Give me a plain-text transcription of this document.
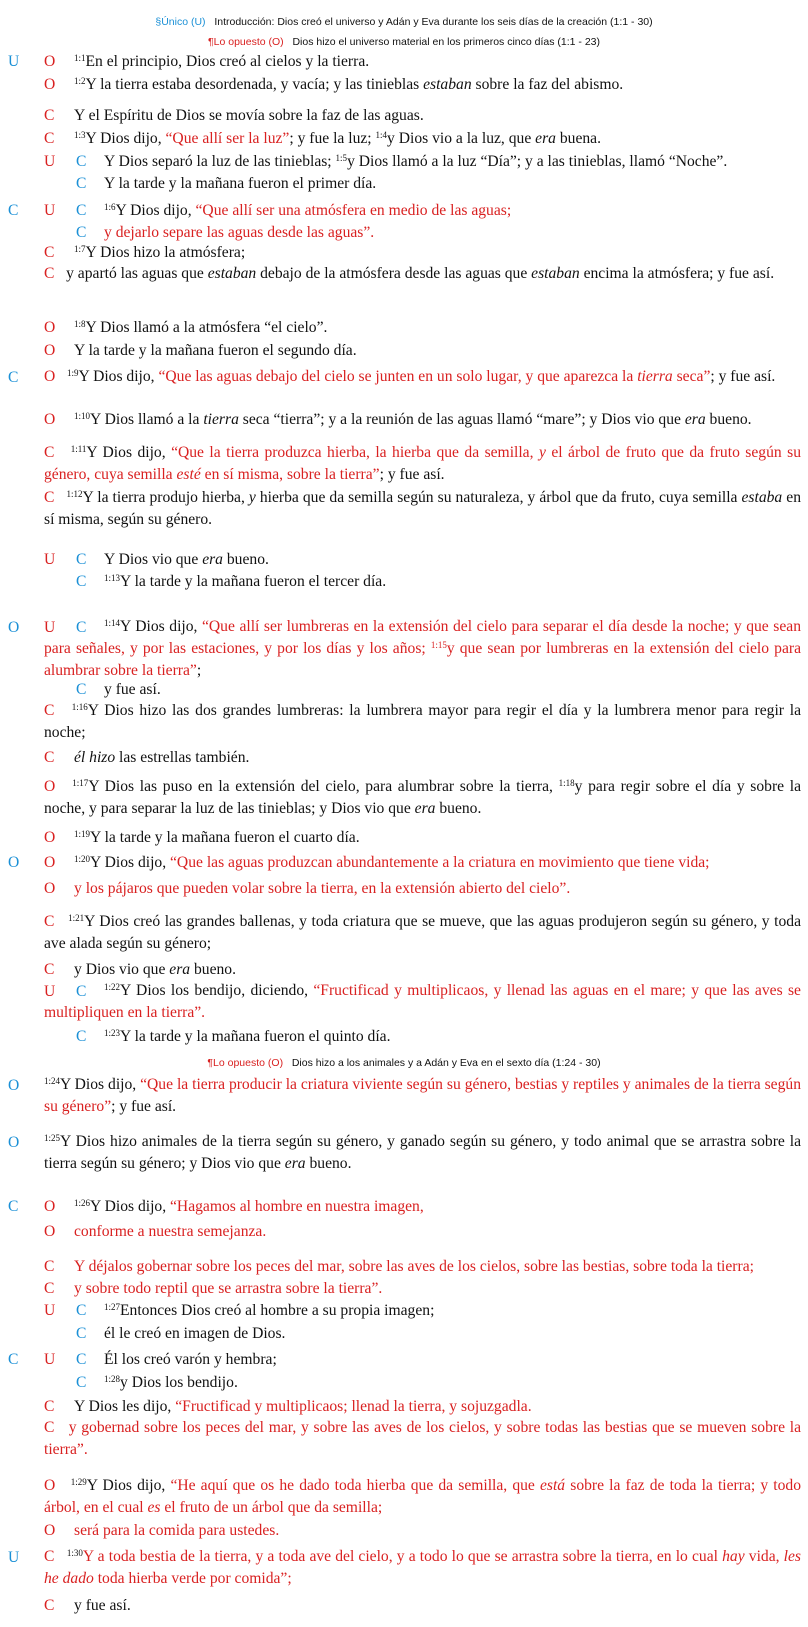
§Único (U) Introducción: Dios creó el universo y Adán y Eva durante los seis días de la creación (1:1 - 30)
¶Lo opuesto (O) Dios hizo el universo material en los primeros cinco días (1:1 - 23)
U O $^{1:1}$En el principio, Dios creó al cielos y la tierra.
O $^{1:2}$Y la tierra estaba desordenada, y vacía; y las tinieblas estaban sobre la faz del abismo.
C Y el Espíritu de Dios se movía sobre la faz de las aguas.
C $^{1:3}$Y Dios dijo, “Que allí ser la luz”; y fue la luz; $^{1:4}$y Dios vio a la luz, que era buena.
U C Y Dios separó la luz de las tinieblas; $^{1:5}$y Dios llamó a la luz “Día”; y a las tinieblas, llamó “Noche”.
C Y la tarde y la mañana fueron el primer día.
C U C $^{1:6}$Y Dios dijo, “Que allí ser una atmósfera en medio de las aguas;
C y dejarlo separe las aguas desde las aguas”.
C $^{1:7}$Y Dios hizo la atmósfera;
C y apartó las aguas que estaban debajo de la atmósfera desde las aguas que estaban encima la atmósfera; y fue así.
O $^{1:8}$Y Dios llamó a la atmósfera “el cielo”.
O Y la tarde y la mañana fueron el segundo día.
C O $^{1:9}$Y Dios dijo, “Que las aguas debajo del cielo se junten en un solo lugar, y que aparezca la tierra seca”; y fue así.
O $^{1:10}$Y Dios llamó a la tierra seca “tierra”; y a la reunión de las aguas llamó “mare”; y Dios vio que era bueno.
C $^{1:11}$Y Dios dijo, “Que la tierra produzca hierba, la hierba que da semilla, y el árbol de fruto que da fruto según su género, cuya semilla esté en sí misma, sobre la tierra”; y fue así.
C $^{1:12}$Y la tierra produjo hierba, y hierba que da semilla según su naturaleza, y árbol que da fruto, cuya semilla estaba en sí misma, según su género.
U C Y Dios vio que era bueno.
C $^{1:13}$Y la tarde y la mañana fueron el tercer día.
O U C	$^{1:14}$Y Dios dijo, “Que allí ser lumbreras en la extensión del cielo para separar el día desde la noche; y que sean para señales, y por las estaciones, y por los días y los años; $^{1:15}$y que sean por lumbreras en la extensión del cielo para alumbrar sobre la tierra”;
C y fue así.
C $^{1:16}$Y Dios hizo las dos grandes lumbreras: la lumbrera mayor para regir el día y la lumbrera menor para regir la noche;
C él hizo las estrellas también.
O $^{1:17}$Y Dios las puso en la extensión del cielo, para alumbrar sobre la tierra, $^{1:18}$y para regir sobre el día y sobre la noche, y para separar la luz de las tinieblas; y Dios vio que era bueno.
O $^{1:19}$Y la tarde y la mañana fueron el cuarto día.
O O $^{1:20}$Y Dios dijo, “Que las aguas produzcan abundantemente a la criatura en movimiento que tiene vida;
O y los pájaros que pueden volar sobre la tierra, en la extensión abierto del cielo”.
C $^{1:21}$Y Dios creó las grandes ballenas, y toda criatura que se mueve, que las aguas produjeron según su género, y toda ave alada según su género;
C y Dios vio que era bueno.
U C	$^{1:22}$Y Dios los bendijo, diciendo, “Fructificad y multiplicaos, y llenad las aguas en el mare; y que las aves se multipliquen en la tierra”.
C $^{1:23}$Y la tarde y la mañana fueron el quinto día.
¶Lo opuesto (O) Dios hizo a los animales y a Adán y Eva en el sexto día (1:24 - 30)
O	$^{1:24}$Y Dios dijo, “Que la tierra producir la criatura viviente según su género, bestias y reptiles y animales de la tierra según su género”; y fue así.
O	$^{1:25}$Y Dios hizo animales de la tierra según su género, y ganado según su género, y todo animal que se arrastra sobre la tierra según su género; y Dios vio que era bueno.
C O $^{1:26}$Y Dios dijo, “Hagamos al hombre en nuestra imagen,
O conforme a nuestra semejanza.
C Y déjalos gobernar sobre los peces del mar, sobre las aves de los cielos, sobre las bestias, sobre toda la tierra;
C y sobre todo reptil que se arrastra sobre la tierra”.
U C $^{1:27}$Entonces Dios creó al hombre a su propia imagen;
C él le creó en imagen de Dios.
C U C Él los creó varón y hembra;
C $^{1:28}$y Dios los bendijo.
C Y Dios les dijo, “Fructificad y multiplicaos; llenad la tierra, y sojuzgadla.
C y gobernad sobre los peces del mar, y sobre las aves de los cielos, y sobre todas las bestias que se mueven sobre la tierra”.
O $^{1:29}$Y Dios dijo, “He aquí que os he dado toda hierba que da semilla, que está sobre la faz de toda la tierra; y todo árbol, en el cual es el fruto de un árbol que da semilla;
O será para la comida para ustedes.
U C $^{1:30}$Y a toda bestia de la tierra, y a toda ave del cielo, y a todo lo que se arrastra sobre la tierra, en lo cual hay vida, les he dado toda hierba verde por comida”;
C y fue así.
